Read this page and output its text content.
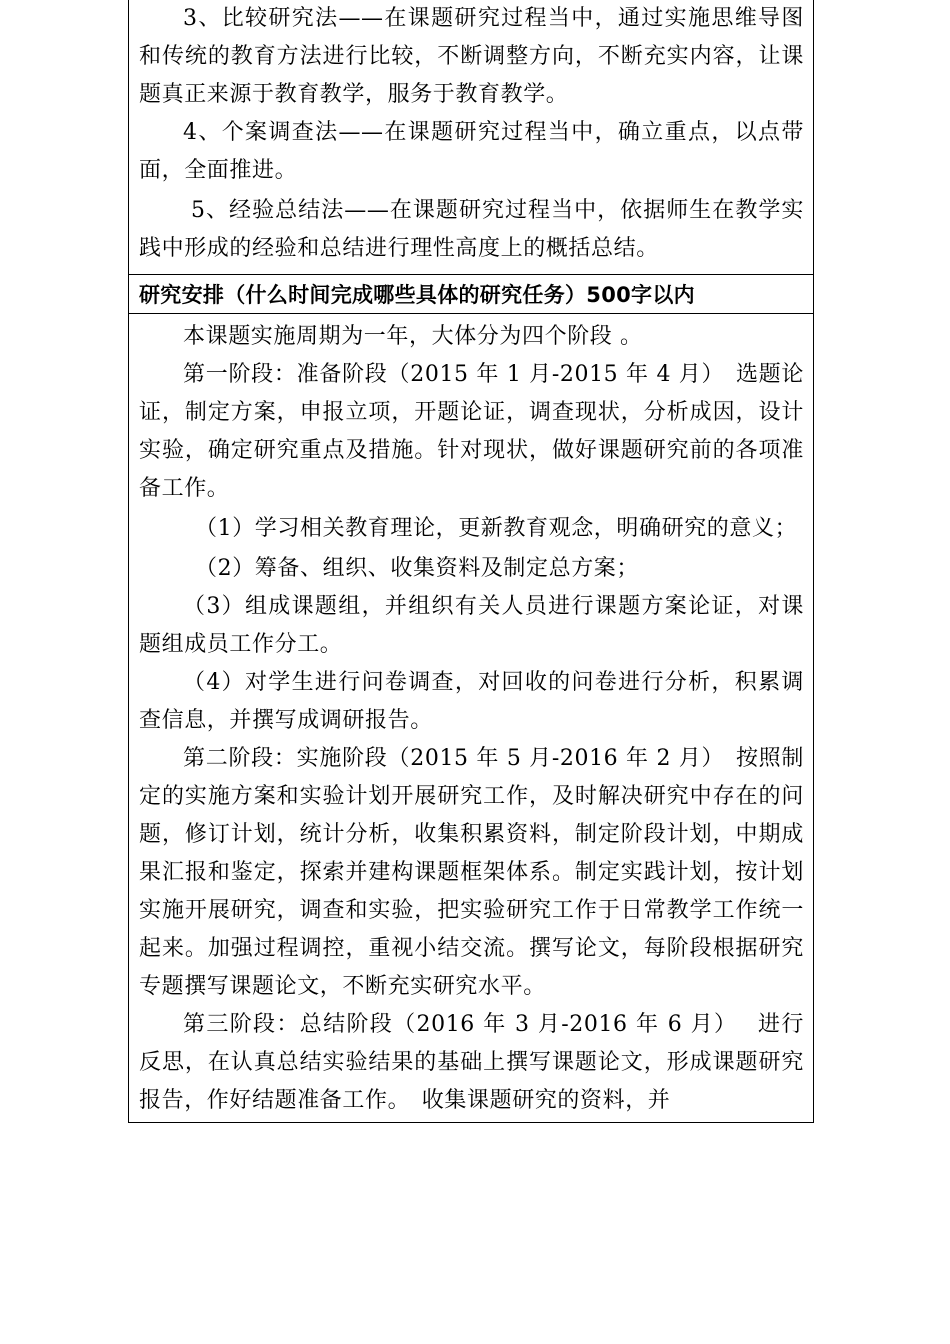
3、比较研究法——在课题研究过程当中，通过实施思维导图和传统的教育方法进行比较，不断调整方向，不断充实内容，让课题真正来源于教育教学，服务于教育教学。

4、个案调查法——在课题研究过程当中，确立重点，以点带面，全面推进。

5、经验总结法——在课题研究过程当中，依据师生在教学实践中形成的经验和总结进行理性高度上的概括总结。

研究安排（什么时间完成哪些具体的研究任务）500字以内

本课题实施周期为一年，大体分为四个阶段 。

第一阶段：准备阶段（2015 年 1 月-2015 年 4 月）　选题论证，制定方案，申报立项，开题论证，调查现状，分析成因，设计实验，确定研究重点及措施。针对现状，做好课题研究前的各项准备工作。

（1）学习相关教育理论，更新教育观念，明确研究的意义；

（2）筹备、组织、收集资料及制定总方案；

（3）组成课题组，并组织有关人员进行课题方案论证，对课题组成员工作分工。

（4）对学生进行问卷调查，对回收的问卷进行分析，积累调查信息，并撰写成调研报告。

第二阶段：实施阶段（2015 年 5 月-2016 年 2 月）　按照制定的实施方案和实验计划开展研究工作，及时解决研究中存在的问题，修订计划，统计分析，收集积累资料，制定阶段计划，中期成果汇报和鉴定，探索并建构课题框架体系。制定实践计划，按计划实施开展研究，调查和实验，把实验研究工作于日常教学工作统一起来。加强过程调控，重视小结交流。撰写论文，每阶段根据研究专题撰写课题论文，不断充实研究水平。

第三阶段：总结阶段（2016 年 3 月-2016 年 6 月）　 进行反思，在认真总结实验结果的基础上撰写课题论文，形成课题研究报告，作好结题准备工作。　收集课题研究的资料，并
